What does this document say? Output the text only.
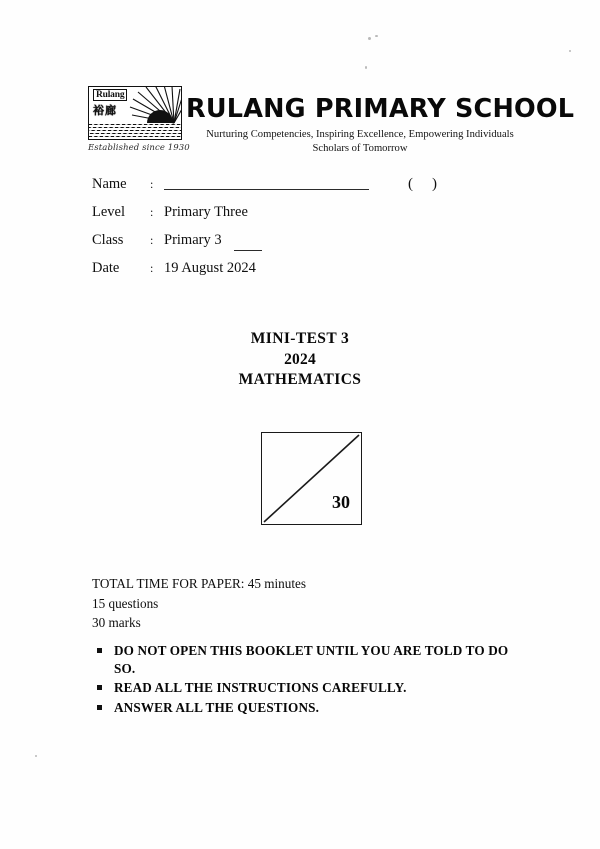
Rulang
裕廊
Established since 1930
RULANG PRIMARY SCHOOL
Nurturing Competencies, Inspiring Excellence, Empowering Individuals
Scholars of Tomorrow
Name	:	( )
Level	: Primary Three
Class	: Primary 3
Date	: 19 August 2024
MINI-TEST 3
2024
MATHEMATICS
30
TOTAL TIME FOR PAPER: 45 minutes
15 questions
30 marks
DO NOT OPEN THIS BOOKLET UNTIL YOU ARE TOLD TO DO SO.
READ ALL THE INSTRUCTIONS CAREFULLY.
ANSWER ALL THE QUESTIONS.
